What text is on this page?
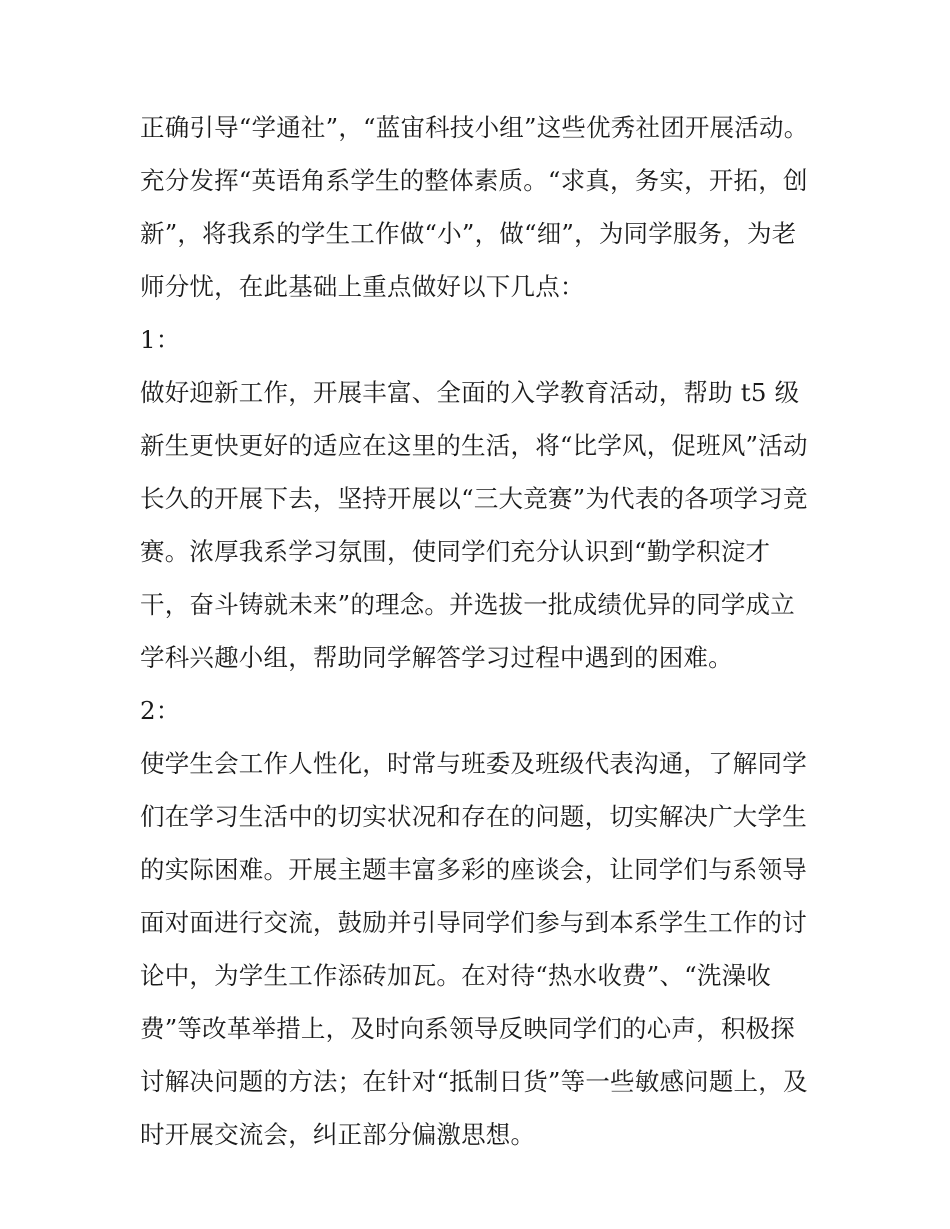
正确引导“学通社”，“蓝宙科技小组”这些优秀社团开展活动。
充分发挥“英语角系学生的整体素质。“求真，务实，开拓，创
新”，将我系的学生工作做“小”，做“细”，为同学服务，为老
师分忧，在此基础上重点做好以下几点：
1：
做好迎新工作，开展丰富、全面的入学教育活动，帮助 t5 级
新生更快更好的适应在这里的生活，将“比学风，促班风”活动
长久的开展下去，坚持开展以“三大竞赛”为代表的各项学习竞
赛。浓厚我系学习氛围，使同学们充分认识到“勤学积淀才
干，奋斗铸就未来”的理念。并选拔一批成绩优异的同学成立
学科兴趣小组，帮助同学解答学习过程中遇到的困难。
2：
使学生会工作人性化，时常与班委及班级代表沟通，了解同学
们在学习生活中的切实状况和存在的问题，切实解决广大学生
的实际困难。开展主题丰富多彩的座谈会，让同学们与系领导
面对面进行交流，鼓励并引导同学们参与到本系学生工作的讨
论中，为学生工作添砖加瓦。在对待“热水收费”、“洗澡收
费”等改革举措上，及时向系领导反映同学们的心声，积极探
讨解决问题的方法；在针对“抵制日货”等一些敏感问题上，及
时开展交流会，纠正部分偏激思想。
